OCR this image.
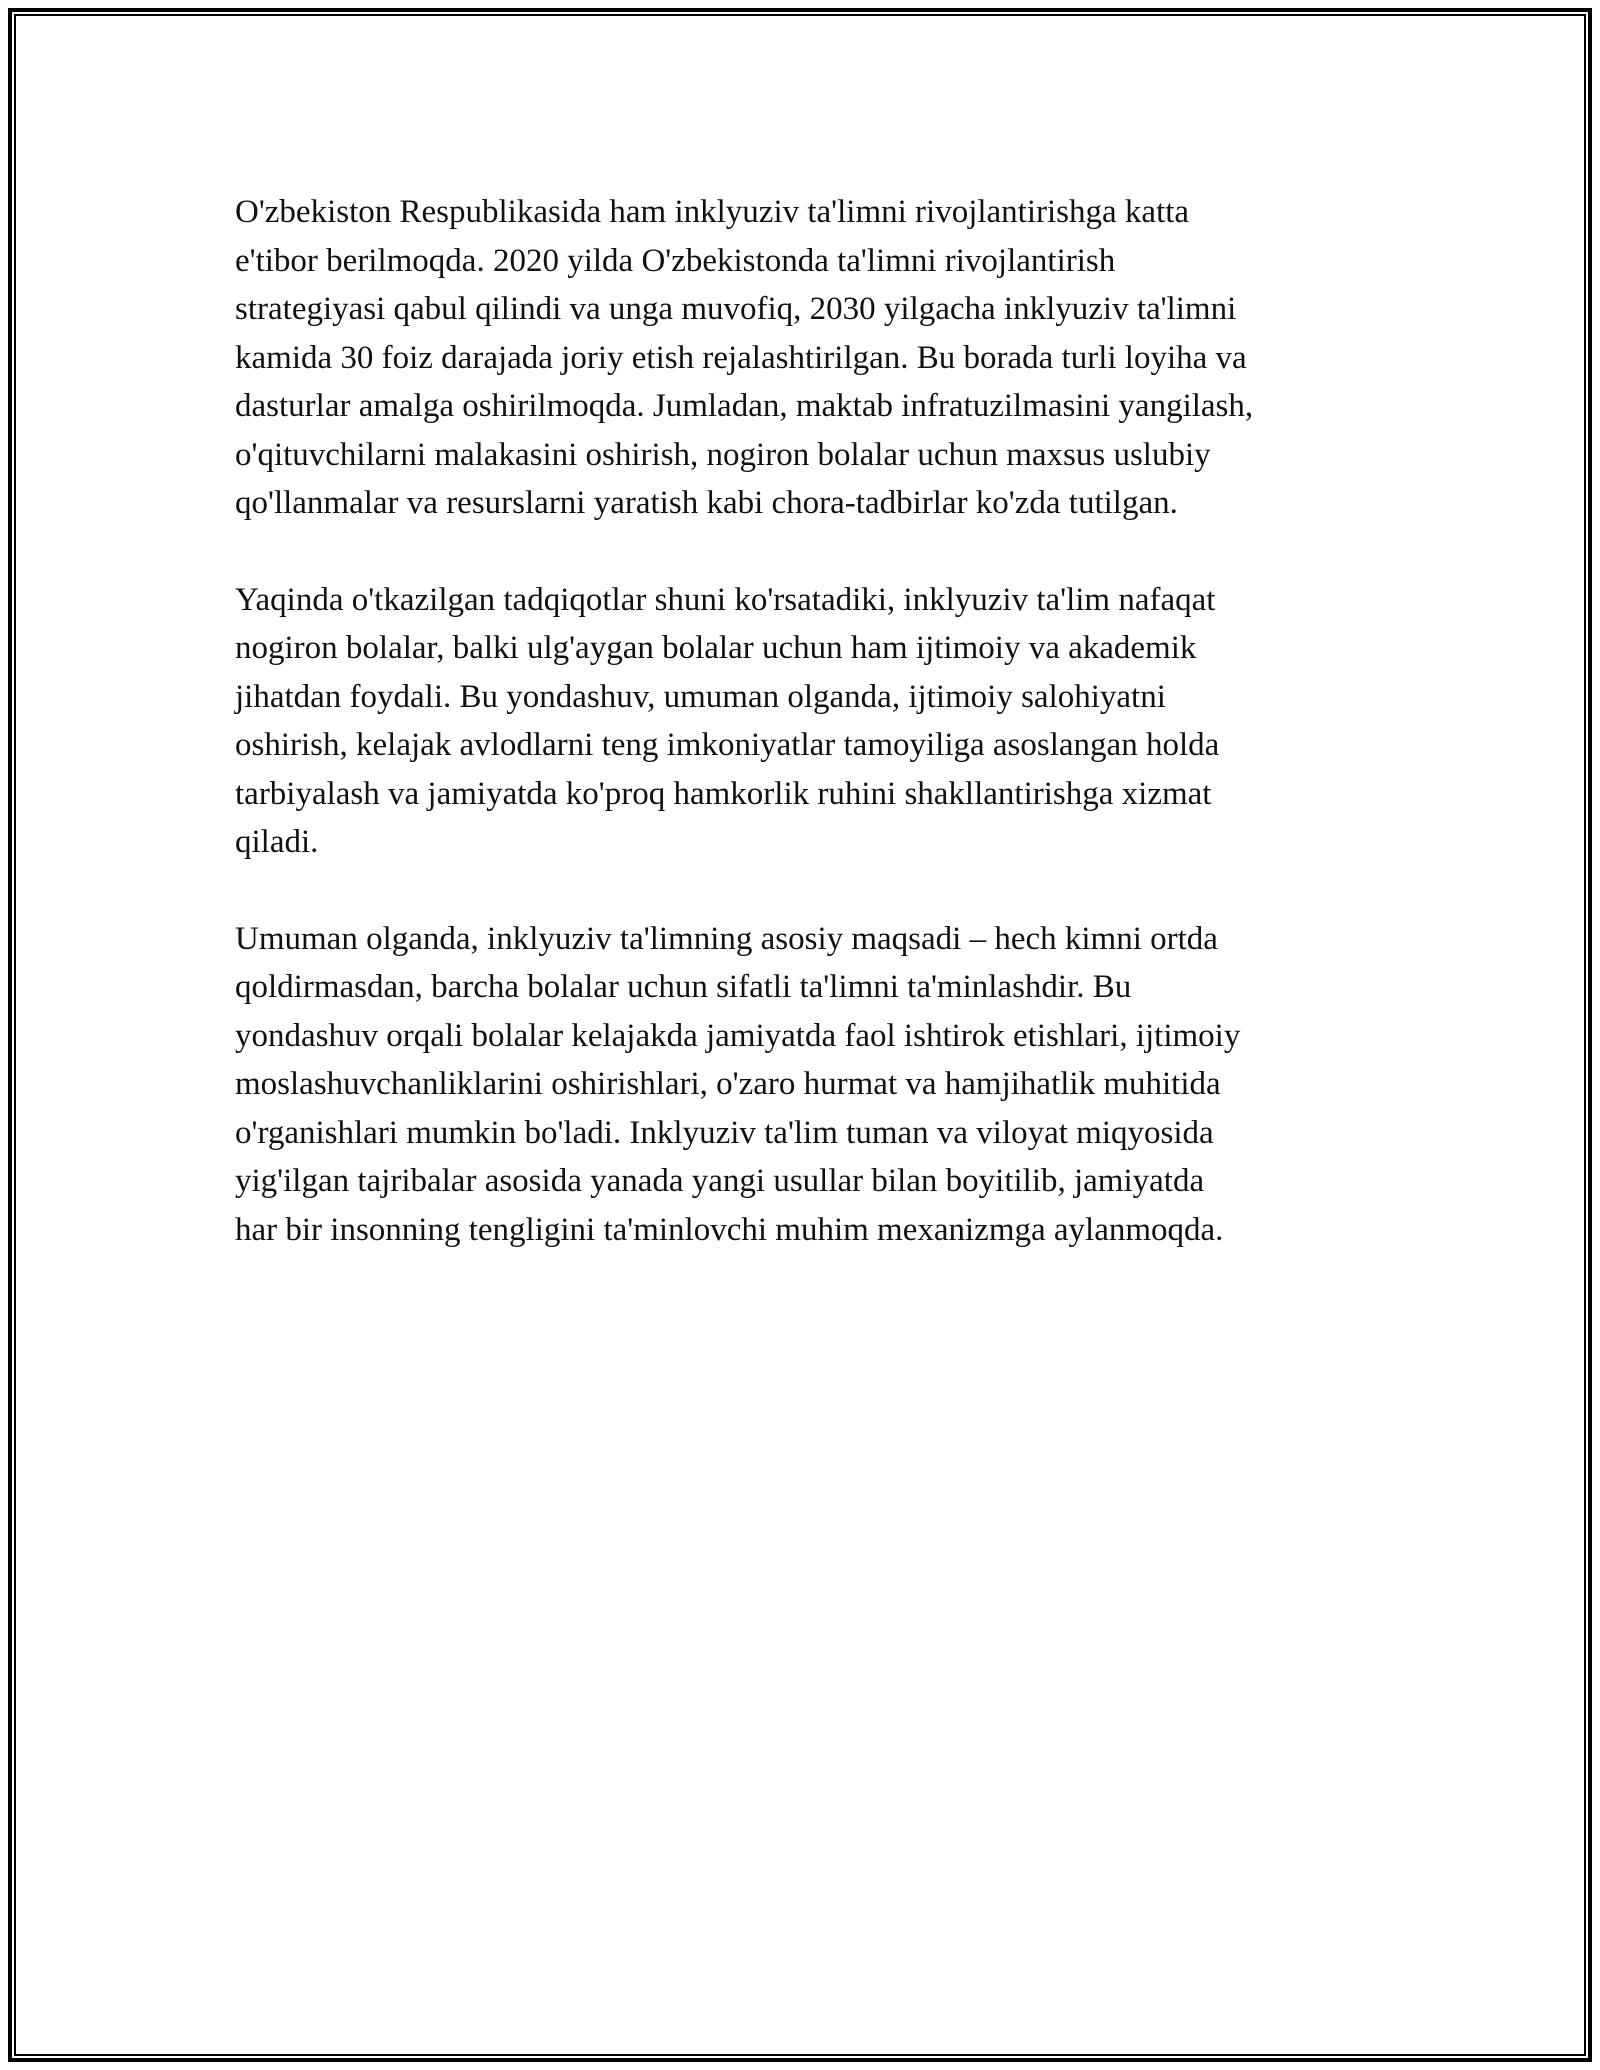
O'zbekiston Respublikasida ham inklyuziv ta'limni rivojlantirishga katta
e'tibor berilmoqda. 2020 yilda O'zbekistonda ta'limni rivojlantirish
strategiyasi qabul qilindi va unga muvofiq, 2030 yilgacha inklyuziv ta'limni
kamida 30 foiz darajada joriy etish rejalashtirilgan. Bu borada turli loyiha va
dasturlar amalga oshirilmoqda. Jumladan, maktab infratuzilmasini yangilash,
o'qituvchilarni malakasini oshirish, nogiron bolalar uchun maxsus uslubiy
qo'llanmalar va resurslarni yaratish kabi chora-tadbirlar ko'zda tutilgan.

Yaqinda o'tkazilgan tadqiqotlar shuni ko'rsatadiki, inklyuziv ta'lim nafaqat
nogiron bolalar, balki ulg'aygan bolalar uchun ham ijtimoiy va akademik
jihatdan foydali. Bu yondashuv, umuman olganda, ijtimoiy salohiyatni
oshirish, kelajak avlodlarni teng imkoniyatlar tamoyiliga asoslangan holda
tarbiyalash va jamiyatda ko'proq hamkorlik ruhini shakllantirishga xizmat
qiladi.

Umuman olganda, inklyuziv ta'limning asosiy maqsadi – hech kimni ortda
qoldirmasdan, barcha bolalar uchun sifatli ta'limni ta'minlashdir. Bu
yondashuv orqali bolalar kelajakda jamiyatda faol ishtirok etishlari, ijtimoiy
moslashuvchanliklarini oshirishlari, o'zaro hurmat va hamjihatlik muhitida
o'rganishlari mumkin bo'ladi. Inklyuziv ta'lim tuman va viloyat miqyosida
yig'ilgan tajribalar asosida yanada yangi usullar bilan boyitilib, jamiyatda
har bir insonning tengligini ta'minlovchi muhim mexanizmga aylanmoqda.
